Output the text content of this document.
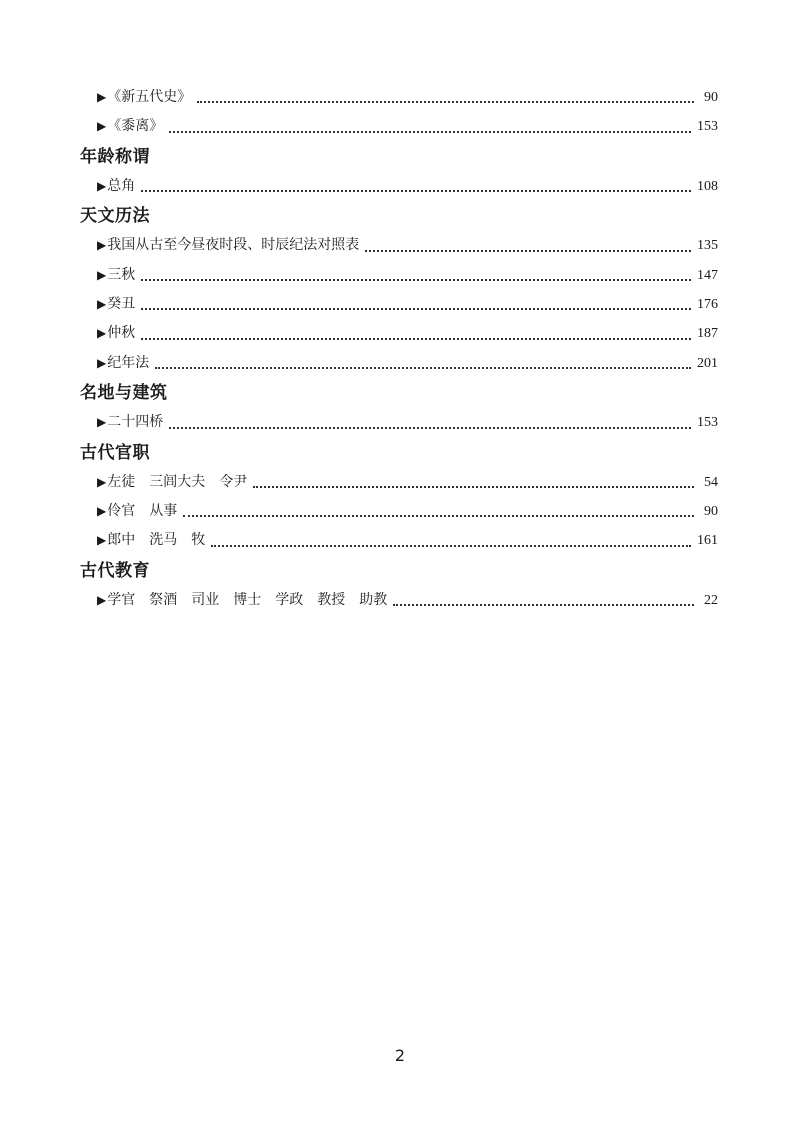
▶ 《新五代史》	90
▶ 《黍离》	153
年龄称谓
▶ 总角	108
天文历法
▶ 我国从古至今昼夜时段、时辰纪法对照表	135
▶ 三秋	147
▶ 癸丑	176
▶ 仲秋	187
▶ 纪年法	201
名地与建筑
▶ 二十四桥	153
古代官职
▶ 左徒　三闾大夫　令尹	54
▶ 伶官　从事	90
▶ 郎中　洗马　牧	161
古代教育
▶ 学官　祭酒　司业　博士　学政　教授　助教	22
2
